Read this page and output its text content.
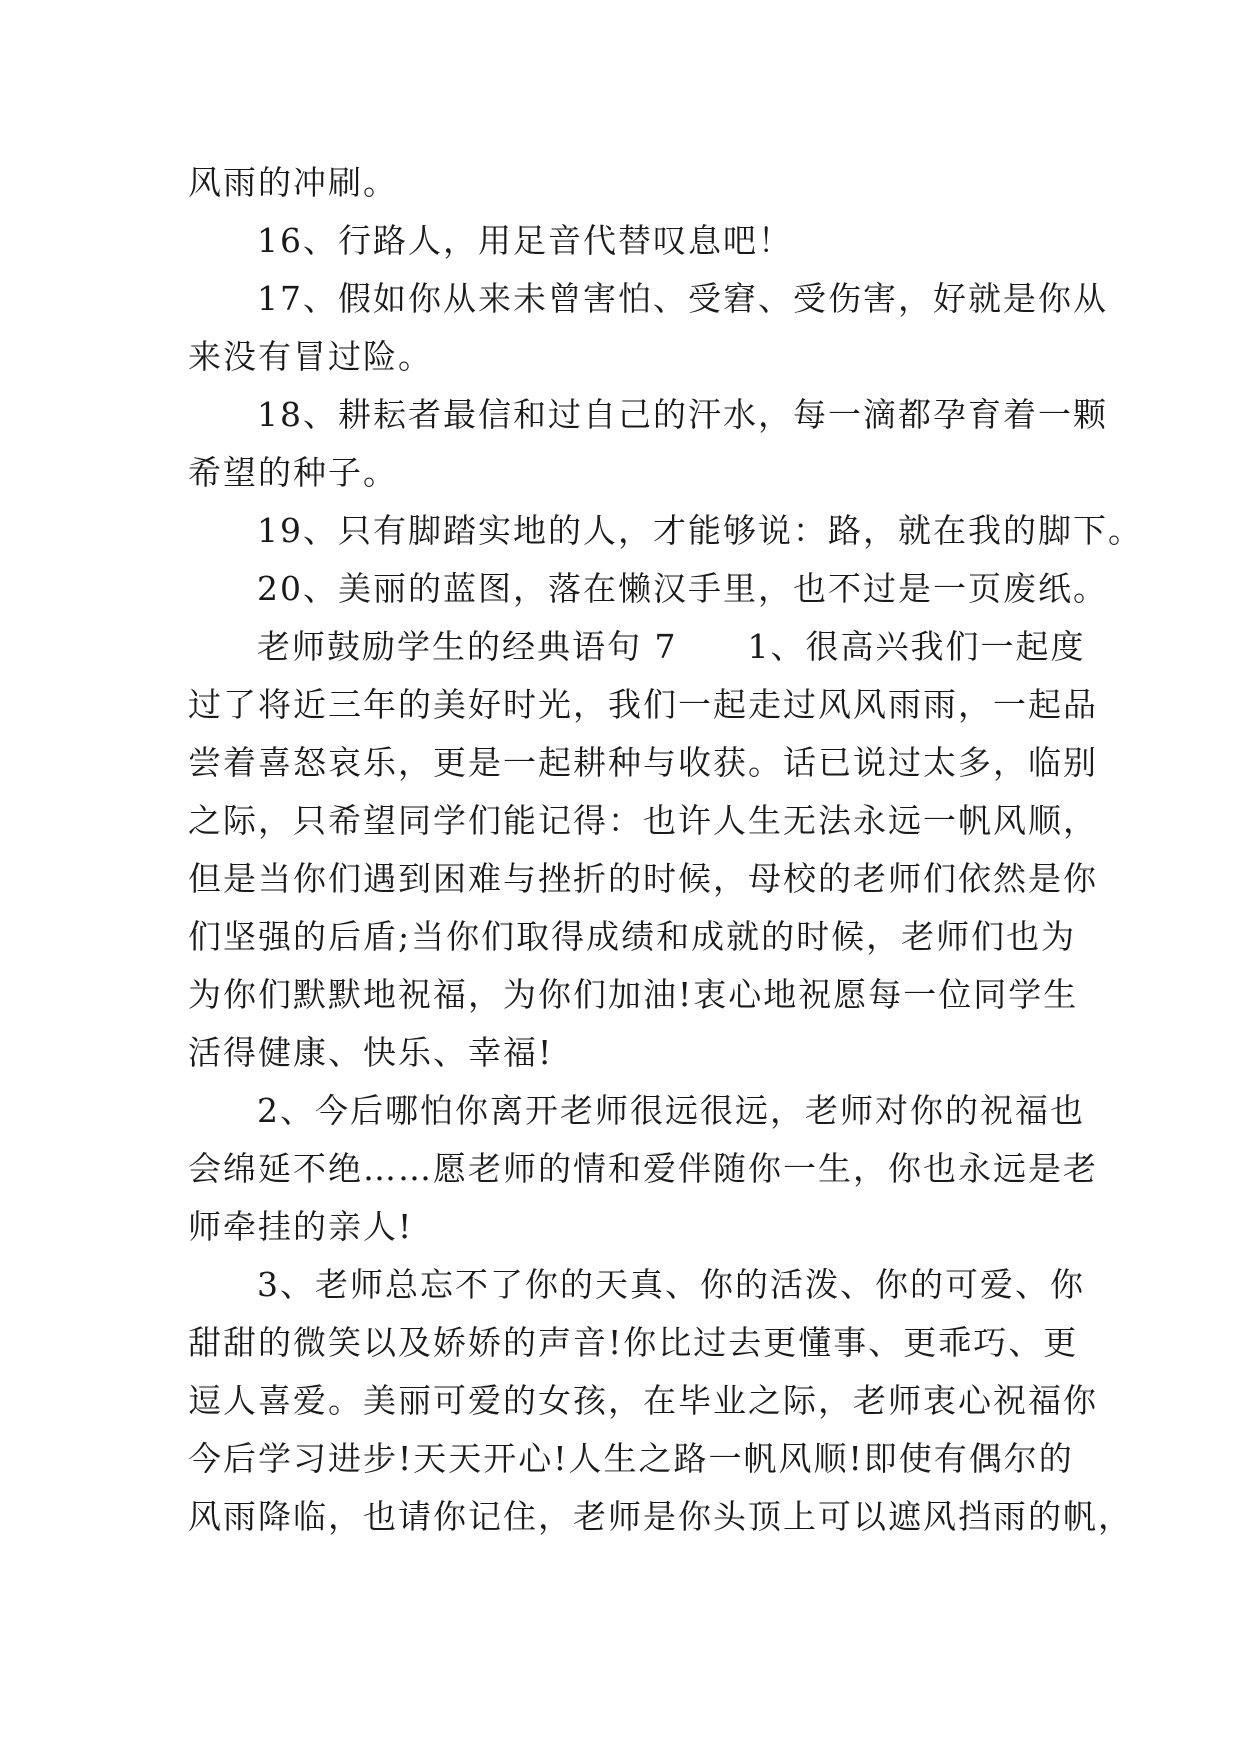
风雨的冲刷。
16、行路人，用足音代替叹息吧！
17、假如你从来未曾害怕、受窘、受伤害，好就是你从
来没有冒过险。
18、耕耘者最信和过自己的汗水，每一滴都孕育着一颗
希望的种子。
19、只有脚踏实地的人，才能够说：路，就在我的脚下。
20、美丽的蓝图，落在懒汉手里，也不过是一页废纸。
老师鼓励学生的经典语句 7　　1、很高兴我们一起度
过了将近三年的美好时光，我们一起走过风风雨雨，一起品
尝着喜怒哀乐，更是一起耕种与收获。话已说过太多，临别
之际，只希望同学们能记得：也许人生无法永远一帆风顺，
但是当你们遇到困难与挫折的时候，母校的老师们依然是你
们坚强的后盾;当你们取得成绩和成就的时候，老师们也为
为你们默默地祝福，为你们加油!衷心地祝愿每一位同学生
活得健康、快乐、幸福!
2、今后哪怕你离开老师很远很远，老师对你的祝福也
会绵延不绝……愿老师的情和爱伴随你一生，你也永远是老
师牵挂的亲人!
3、老师总忘不了你的天真、你的活泼、你的可爱、你
甜甜的微笑以及娇娇的声音!你比过去更懂事、更乖巧、更
逗人喜爱。美丽可爱的女孩，在毕业之际，老师衷心祝福你
今后学习进步!天天开心!人生之路一帆风顺!即使有偶尔的
风雨降临，也请你记住，老师是你头顶上可以遮风挡雨的帆，
